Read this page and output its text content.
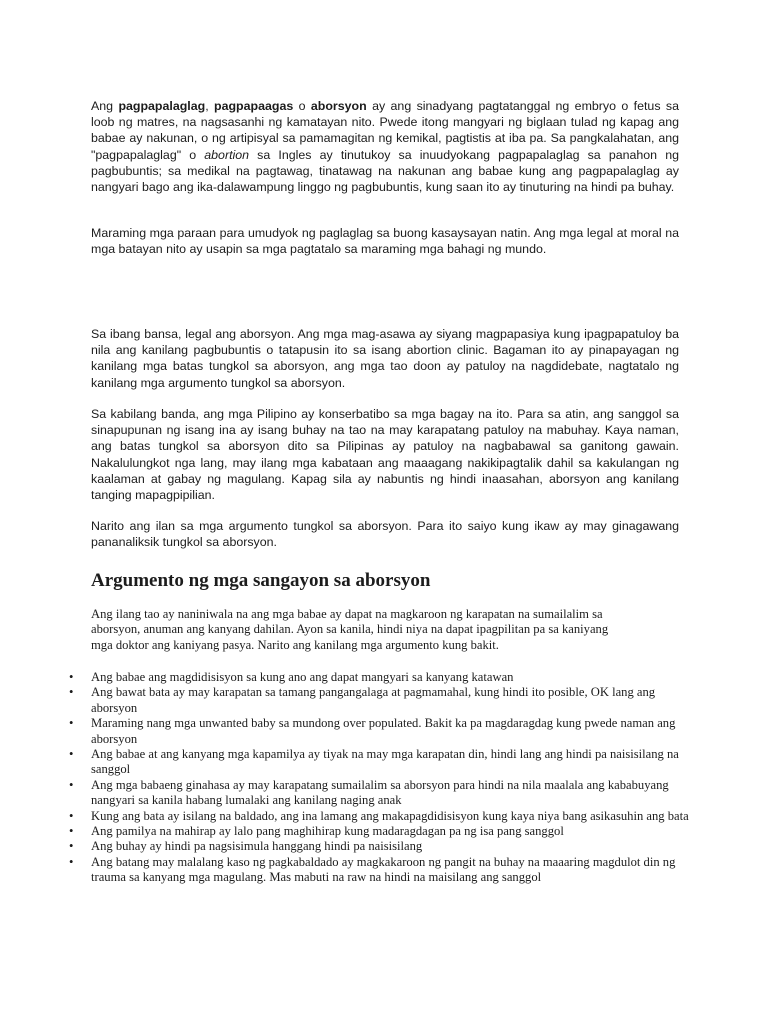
Ang pagpapalaglag, pagpapaagas o aborsyon ay ang sinadyang pagtatanggal ng embryo o fetus sa loob ng matres, na nagsasanhi ng kamatayan nito. Pwede itong mangyari ng biglaan tulad ng kapag ang babae ay nakunan, o ng artipisyal sa pamamagitan ng kemikal, pagtistis at iba pa. Sa pangkalahatan, ang "pagpapalaglag" o abortion sa Ingles ay tinutukoy sa inuudyokang pagpapalaglag sa panahon ng pagbubuntis; sa medikal na pagtawag, tinatawag na nakunan ang babae kung ang pagpapalaglag ay nangyari bago ang ika-dalawampung linggo ng pagbubuntis, kung saan ito ay tinuturing na hindi pa buhay.

Maraming mga paraan para umudyok ng paglaglag sa buong kasaysayan natin. Ang mga legal at moral na mga batayan nito ay usapin sa mga pagtatalo sa maraming mga bahagi ng mundo.

Sa ibang bansa, legal ang aborsyon. Ang mga mag-asawa ay siyang magpapasiya kung ipagpapatuloy ba nila ang kanilang pagbubuntis o tatapusin ito sa isang abortion clinic. Bagaman ito ay pinapayagan ng kanilang mga batas tungkol sa aborsyon, ang mga tao doon ay patuloy na nagdidebate, nagtatalo ng kanilang mga argumento tungkol sa aborsyon.

Sa kabilang banda, ang mga Pilipino ay konserbatibo sa mga bagay na ito. Para sa atin, ang sanggol sa sinapupunan ng isang ina ay isang buhay na tao na may karapatang patuloy na mabuhay. Kaya naman, ang batas tungkol sa aborsyon dito sa Pilipinas ay patuloy na nagbabawal sa ganitong gawain. Nakalulungkot nga lang, may ilang mga kabataan ang maaagang nakikipagtalik dahil sa kakulangan ng kaalaman at gabay ng magulang. Kapag sila ay nabuntis ng hindi inaasahan, aborsyon ang kanilang tanging mapagpipilian.

Narito ang ilan sa mga argumento tungkol sa aborsyon. Para ito saiyo kung ikaw ay may ginagawang pananaliksik tungkol sa aborsyon.

Argumento ng mga sangayon sa aborsyon

Ang ilang tao ay naniniwala na ang mga babae ay dapat na magkaroon ng karapatan na sumailalim sa aborsyon, anuman ang kanyang dahilan. Ayon sa kanila, hindi niya na dapat ipagpilitan pa sa kaniyang mga doktor ang kaniyang pasya. Narito ang kanilang mga argumento kung bakit.

• Ang babae ang magdidisisyon sa kung ano ang dapat mangyari sa kanyang katawan
• Ang bawat bata ay may karapatan sa tamang pangangalaga at pagmamahal, kung hindi ito posible, OK lang ang aborsyon
• Maraming nang mga unwanted baby sa mundong over populated. Bakit ka pa magdaragdag kung pwede naman ang aborsyon
• Ang babae at ang kanyang mga kapamilya ay tiyak na may mga karapatan din, hindi lang ang hindi pa naisisilang na sanggol
• Ang mga babaeng ginahasa ay may karapatang sumailalim sa aborsyon para hindi na nila maalala ang kababuyang nangyari sa kanila habang lumalaki ang kanilang naging anak
• Kung ang bata ay isilang na baldado, ang ina lamang ang makapagdidisisyon kung kaya niya bang asikasuhin ang bata
• Ang pamilya na mahirap ay lalo pang maghihirap kung madaragdagan pa ng isa pang sanggol
• Ang buhay ay hindi pa nagsisimula hanggang hindi pa naisisilang
• Ang batang may malalang kaso ng pagkabaldado ay magkakaroon ng pangit na buhay na maaaring magdulot din ng trauma sa kanyang mga magulang. Mas mabuti na raw na hindi na maisilang ang sanggol
